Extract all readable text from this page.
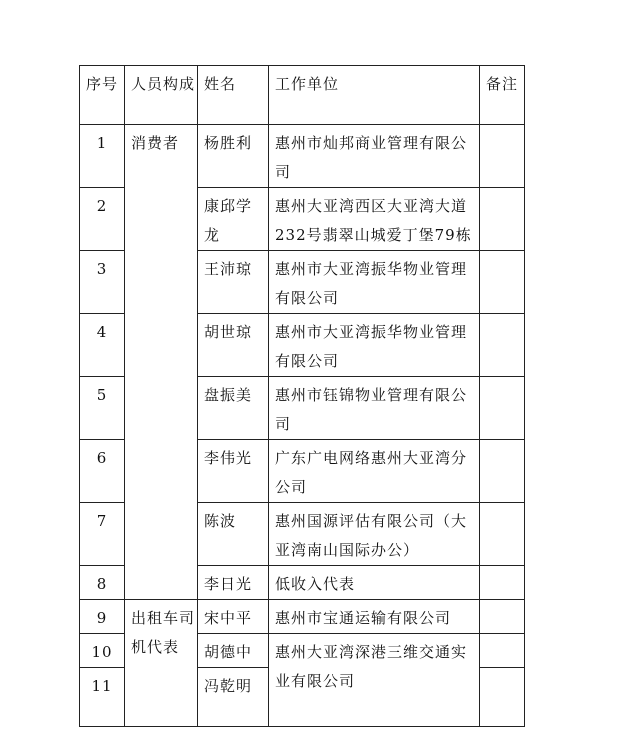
序号	人员构成	姓名	工作单位	备注

1	消费者	杨胜利	惠州市灿邦商业管理有限公司	

2		康邱学龙	惠州大亚湾西区大亚湾大道232号翡翠山城爱丁堡79栋	

3		王沛琼	惠州市大亚湾振华物业管理有限公司	

4		胡世琼	惠州市大亚湾振华物业管理有限公司	

5		盘振美	惠州市钰锦物业管理有限公司	

6		李伟光	广东广电网络惠州大亚湾分公司	

7		陈波	惠州国源评估有限公司（大亚湾南山国际办公）	

8		李日光	低收入代表	

9	出租车司机代表	宋中平	惠州市宝通运输有限公司	

10		胡德中	惠州大亚湾深港三维交通实业有限公司	

11		冯乾明		
